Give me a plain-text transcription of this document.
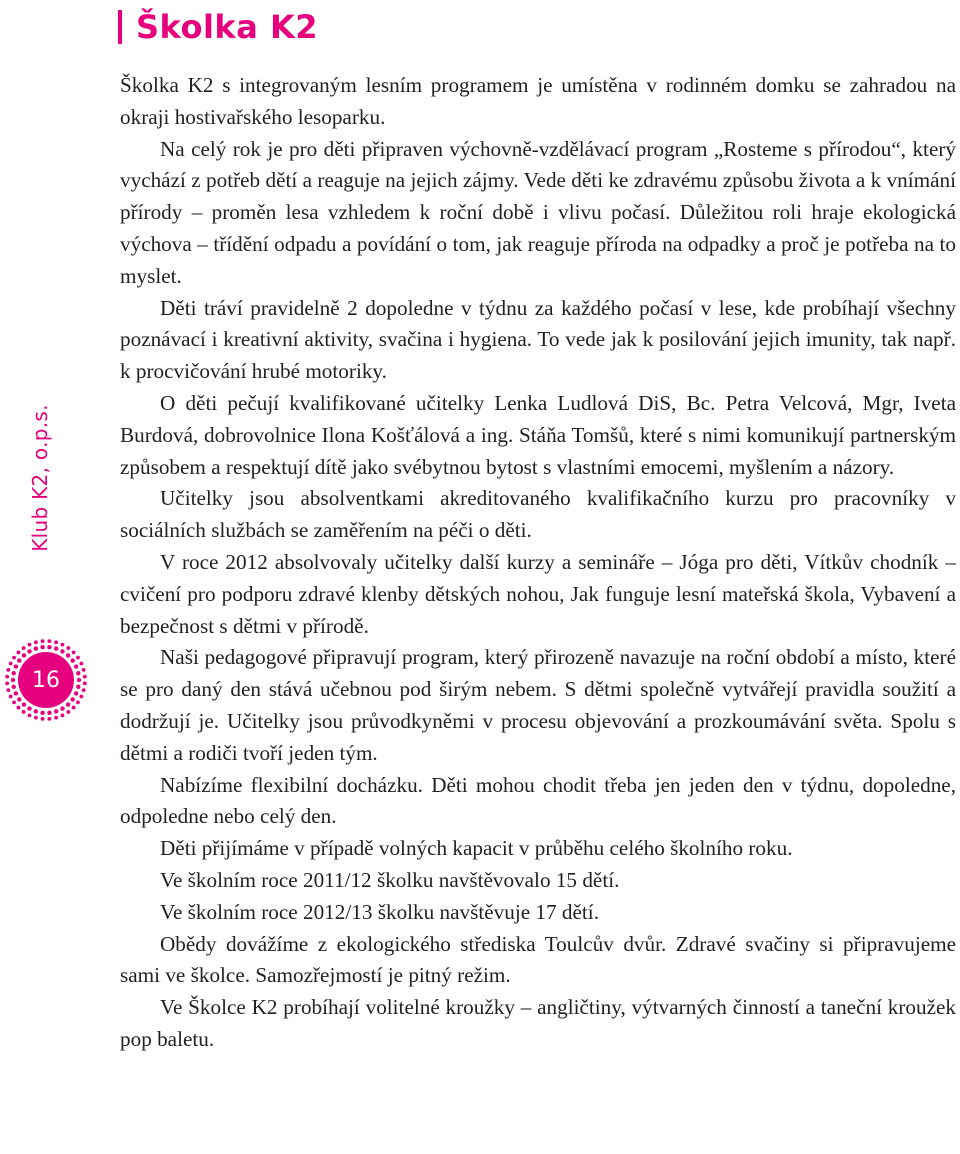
Školka K2
Klub K2, o.p.s.
16

Školka K2 s integrovaným lesním programem je umístěna v rodinném domku se zahradou na okraji hostivařského lesoparku.

Na celý rok je pro děti připraven výchovně-vzdělávací program „Rosteme s přírodou“, který vychází z potřeb dětí a reaguje na jejich zájmy. Vede děti ke zdravému způsobu života a k vnímání přírody – proměn lesa vzhledem k roční době i vlivu počasí. Důležitou roli hraje ekologická výchova – třídění odpadu a povídání o tom, jak reaguje příroda na odpadky a proč je potřeba na to myslet.

Děti tráví pravidelně 2 dopoledne v týdnu za každého počasí v lese, kde probíhají všechny poznávací i kreativní aktivity, svačina i hygiena. To vede jak k posilování jejich imunity, tak např. k procvičování hrubé motoriky.

O děti pečují kvalifikované učitelky Lenka Ludlová DiS, Bc. Petra Velcová, Mgr, Iveta Burdová, dobrovolnice Ilona Košťálová a ing. Stáňa Tomšů, které s nimi komunikují partnerským způsobem a respektují dítě jako svébytnou bytost s vlastními emocemi, myšlením a názory.

Učitelky jsou absolventkami akreditovaného kvalifikačního kurzu pro pracovníky v sociálních službách se zaměřením na péči o děti.

V roce 2012 absolvovaly učitelky další kurzy a semináře – Jóga pro děti, Vítkův chodník – cvičení pro podporu zdravé klenby dětských nohou, Jak funguje lesní mateřská škola, Vybavení a bezpečnost s dětmi v přírodě.

Naši pedagogové připravují program, který přirozeně navazuje na roční období a místo, které se pro daný den stává učebnou pod širým nebem. S dětmi společně vytvářejí pravidla soužití a dodržují je. Učitelky jsou průvodkyněmi v procesu objevování a prozkoumávání světa. Spolu s dětmi a rodiči tvoří jeden tým.

Nabízíme flexibilní docházku. Děti mohou chodit třeba jen jeden den v týdnu, dopoledne, odpoledne nebo celý den.

Děti přijímáme v případě volných kapacit v průběhu celého školního roku.

Ve školním roce 2011/12 školku navštěvovalo 15 dětí.

Ve školním roce 2012/13 školku navštěvuje 17 dětí.

Obědy dovážíme z ekologického střediska Toulcův dvůr. Zdravé svačiny si připravujeme sami ve školce. Samozřejmostí je pitný režim.

Ve Školce K2 probíhají volitelné kroužky – angličtiny, výtvarných činností a taneční kroužek pop baletu.
